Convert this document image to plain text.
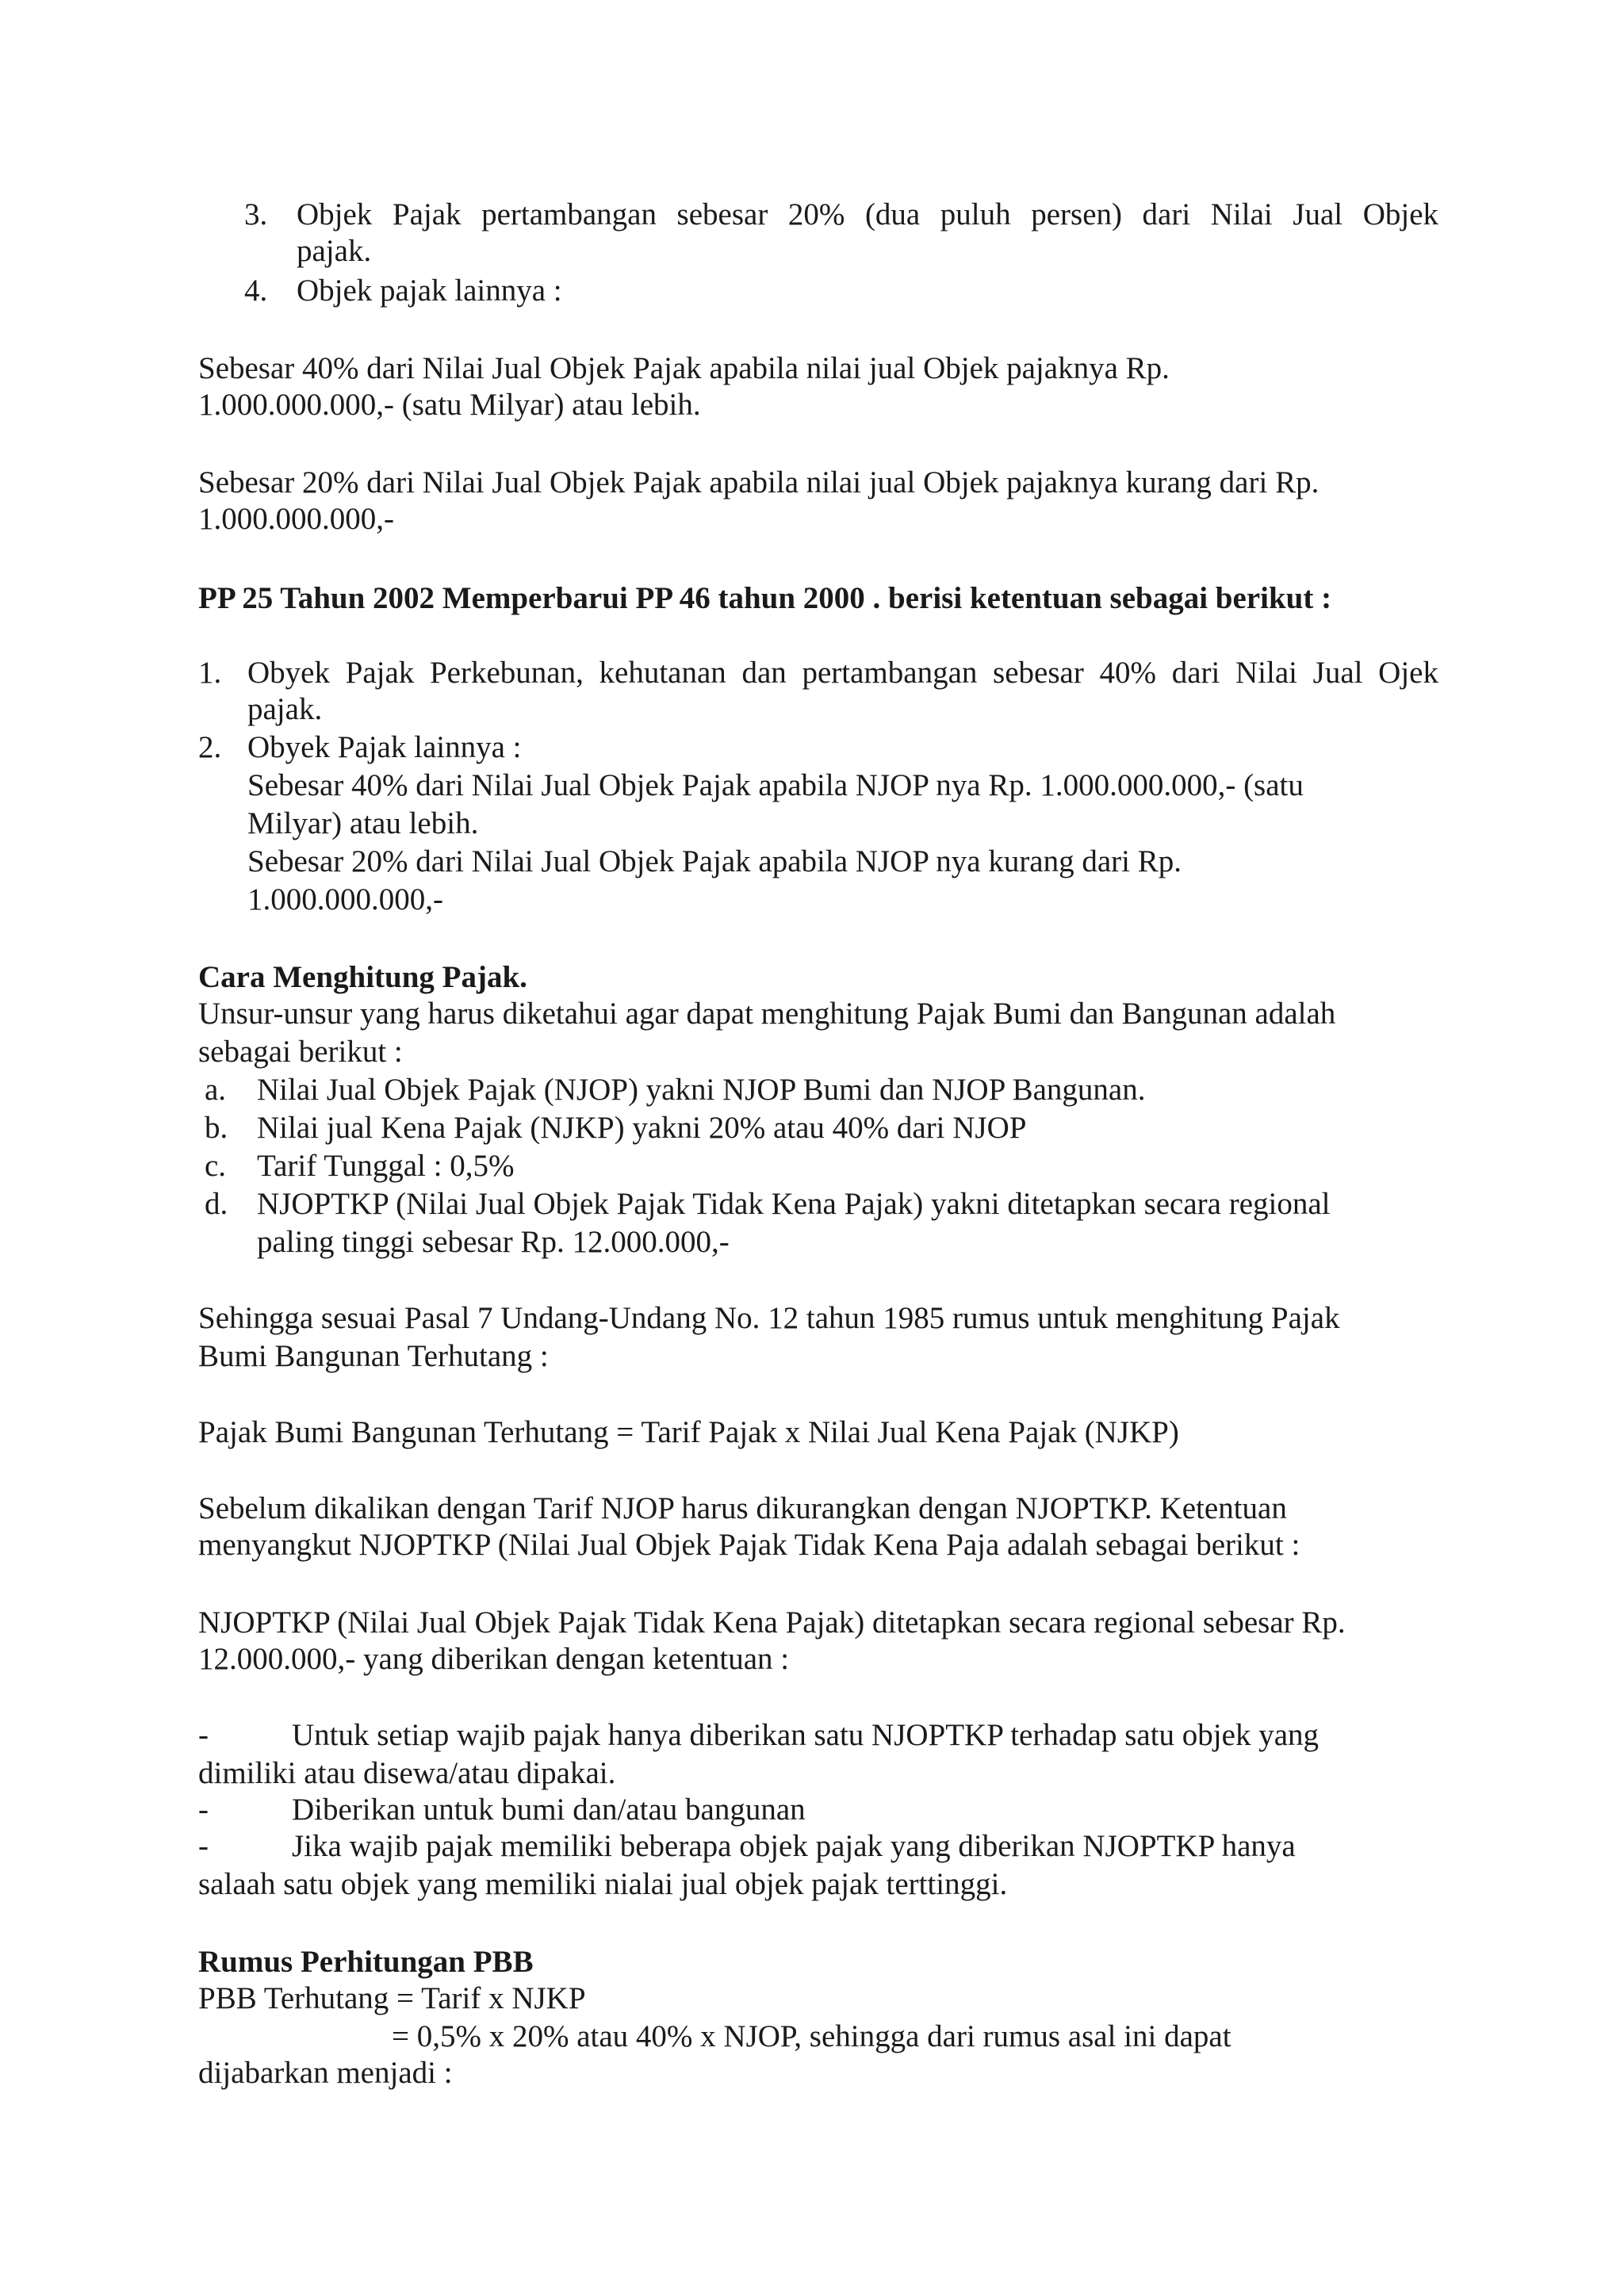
3. Objek Pajak pertambangan sebesar 20% (dua puluh persen) dari Nilai Jual Objek
pajak.
4. Objek pajak lainnya :
Sebesar 40% dari Nilai Jual Objek Pajak apabila nilai jual Objek pajaknya Rp.
1.000.000.000,- (satu Milyar) atau lebih.
Sebesar 20% dari Nilai Jual Objek Pajak apabila nilai jual Objek pajaknya kurang dari Rp.
1.000.000.000,-
PP 25 Tahun 2002 Memperbarui PP 46 tahun 2000 . berisi ketentuan sebagai berikut :
1. Obyek Pajak Perkebunan, kehutanan dan pertambangan sebesar 40% dari Nilai Jual Ojek
pajak.
2. Obyek Pajak lainnya :
Sebesar 40% dari Nilai Jual Objek Pajak apabila NJOP nya Rp. 1.000.000.000,- (satu
Milyar) atau lebih.
Sebesar 20% dari Nilai Jual Objek Pajak apabila NJOP nya kurang dari Rp.
1.000.000.000,-
Cara Menghitung Pajak.
Unsur-unsur yang harus diketahui agar dapat menghitung Pajak Bumi dan Bangunan adalah
sebagai berikut :
a. Nilai Jual Objek Pajak (NJOP) yakni NJOP Bumi dan NJOP Bangunan.
b. Nilai jual Kena Pajak (NJKP) yakni 20% atau 40% dari NJOP
c. Tarif Tunggal : 0,5%
d. NJOPTKP (Nilai Jual Objek Pajak Tidak Kena Pajak) yakni ditetapkan secara regional
paling tinggi sebesar Rp. 12.000.000,-
Sehingga sesuai Pasal 7 Undang-Undang No. 12 tahun 1985 rumus untuk menghitung Pajak
Bumi Bangunan Terhutang :
Pajak Bumi Bangunan Terhutang = Tarif Pajak x Nilai Jual Kena Pajak (NJKP)
Sebelum dikalikan dengan Tarif NJOP harus dikurangkan dengan NJOPTKP. Ketentuan
menyangkut NJOPTKP (Nilai Jual Objek Pajak Tidak Kena Paja adalah sebagai berikut :
NJOPTKP (Nilai Jual Objek Pajak Tidak Kena Pajak) ditetapkan secara regional sebesar Rp.
12.000.000,- yang diberikan dengan ketentuan :
-	Untuk setiap wajib pajak hanya diberikan satu NJOPTKP terhadap satu objek yang
dimiliki atau disewa/atau dipakai.
-	Diberikan untuk bumi dan/atau bangunan
-	Jika wajib pajak memiliki beberapa objek pajak yang diberikan NJOPTKP hanya
salaah satu objek yang memiliki nialai jual objek pajak terttinggi.
Rumus Perhitungan PBB
PBB Terhutang = Tarif x NJKP
= 0,5% x 20% atau 40% x NJOP, sehingga dari rumus asal ini dapat
dijabarkan menjadi :
